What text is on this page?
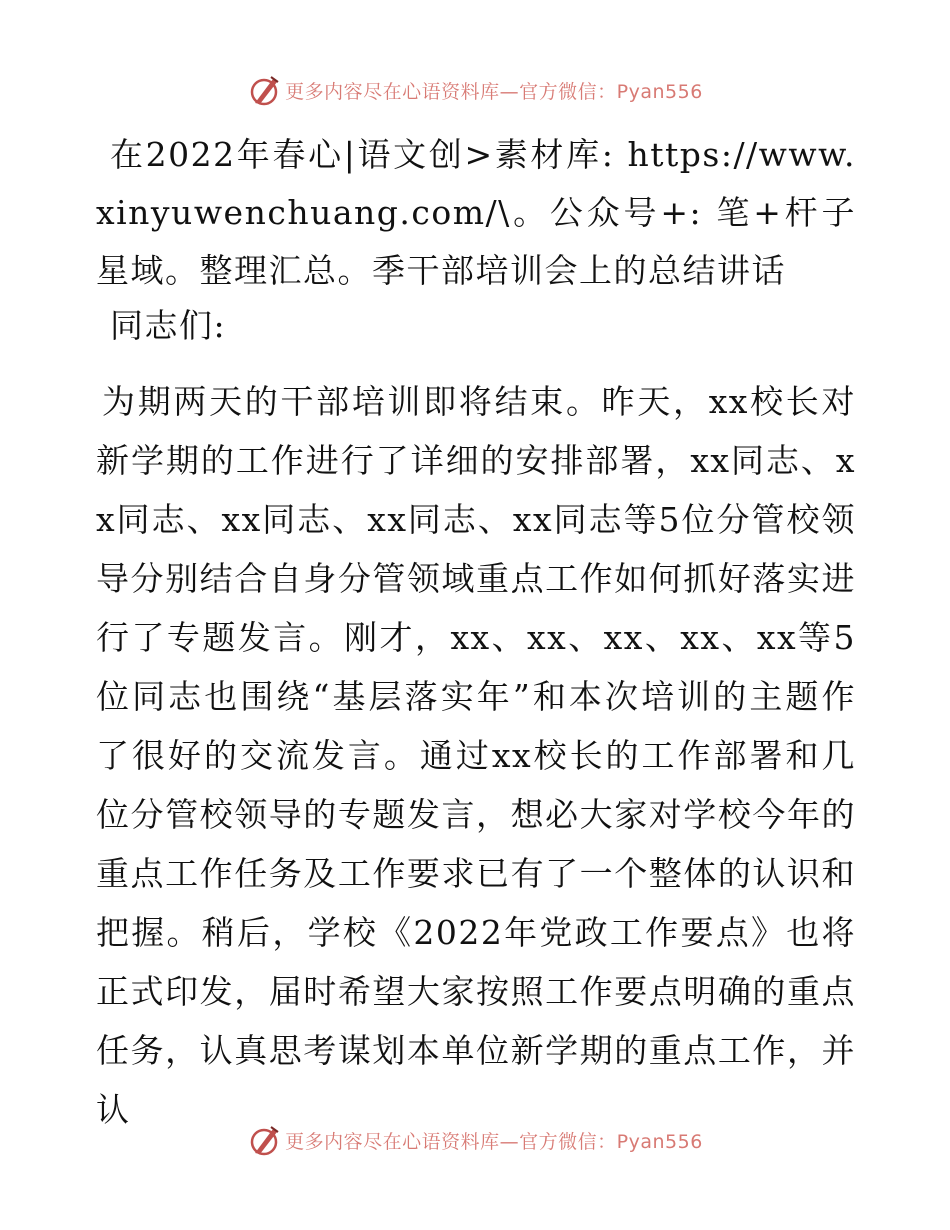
更多内容尽在心语资料库—官方微信：Pyan556

在2022年春心|语文创>素材库: https://www.xinyuwenchuang.com/\。公众号+: 笔+杆子星域。整理汇总。季干部培训会上的总结讲话

同志们:

为期两天的干部培训即将结束。昨天，xx校长对新学期的工作进行了详细的安排部署，xx同志、xx同志、xx同志、xx同志、xx同志等5位分管校领导分别结合自身分管领域重点工作如何抓好落实进行了专题发言。刚才，xx、xx、xx、xx、xx等5位同志也围绕“基层落实年”和本次培训的主题作了很好的交流发言。通过xx校长的工作部署和几位分管校领导的专题发言，想必大家对学校今年的重点工作任务及工作要求已有了一个整体的认识和把握。稍后，学校《2022年党政工作要点》也将正式印发，届时希望大家按照工作要点明确的重点任务，认真思考谋划本单位新学期的重点工作，并认

更多内容尽在心语资料库—官方微信：Pyan556
